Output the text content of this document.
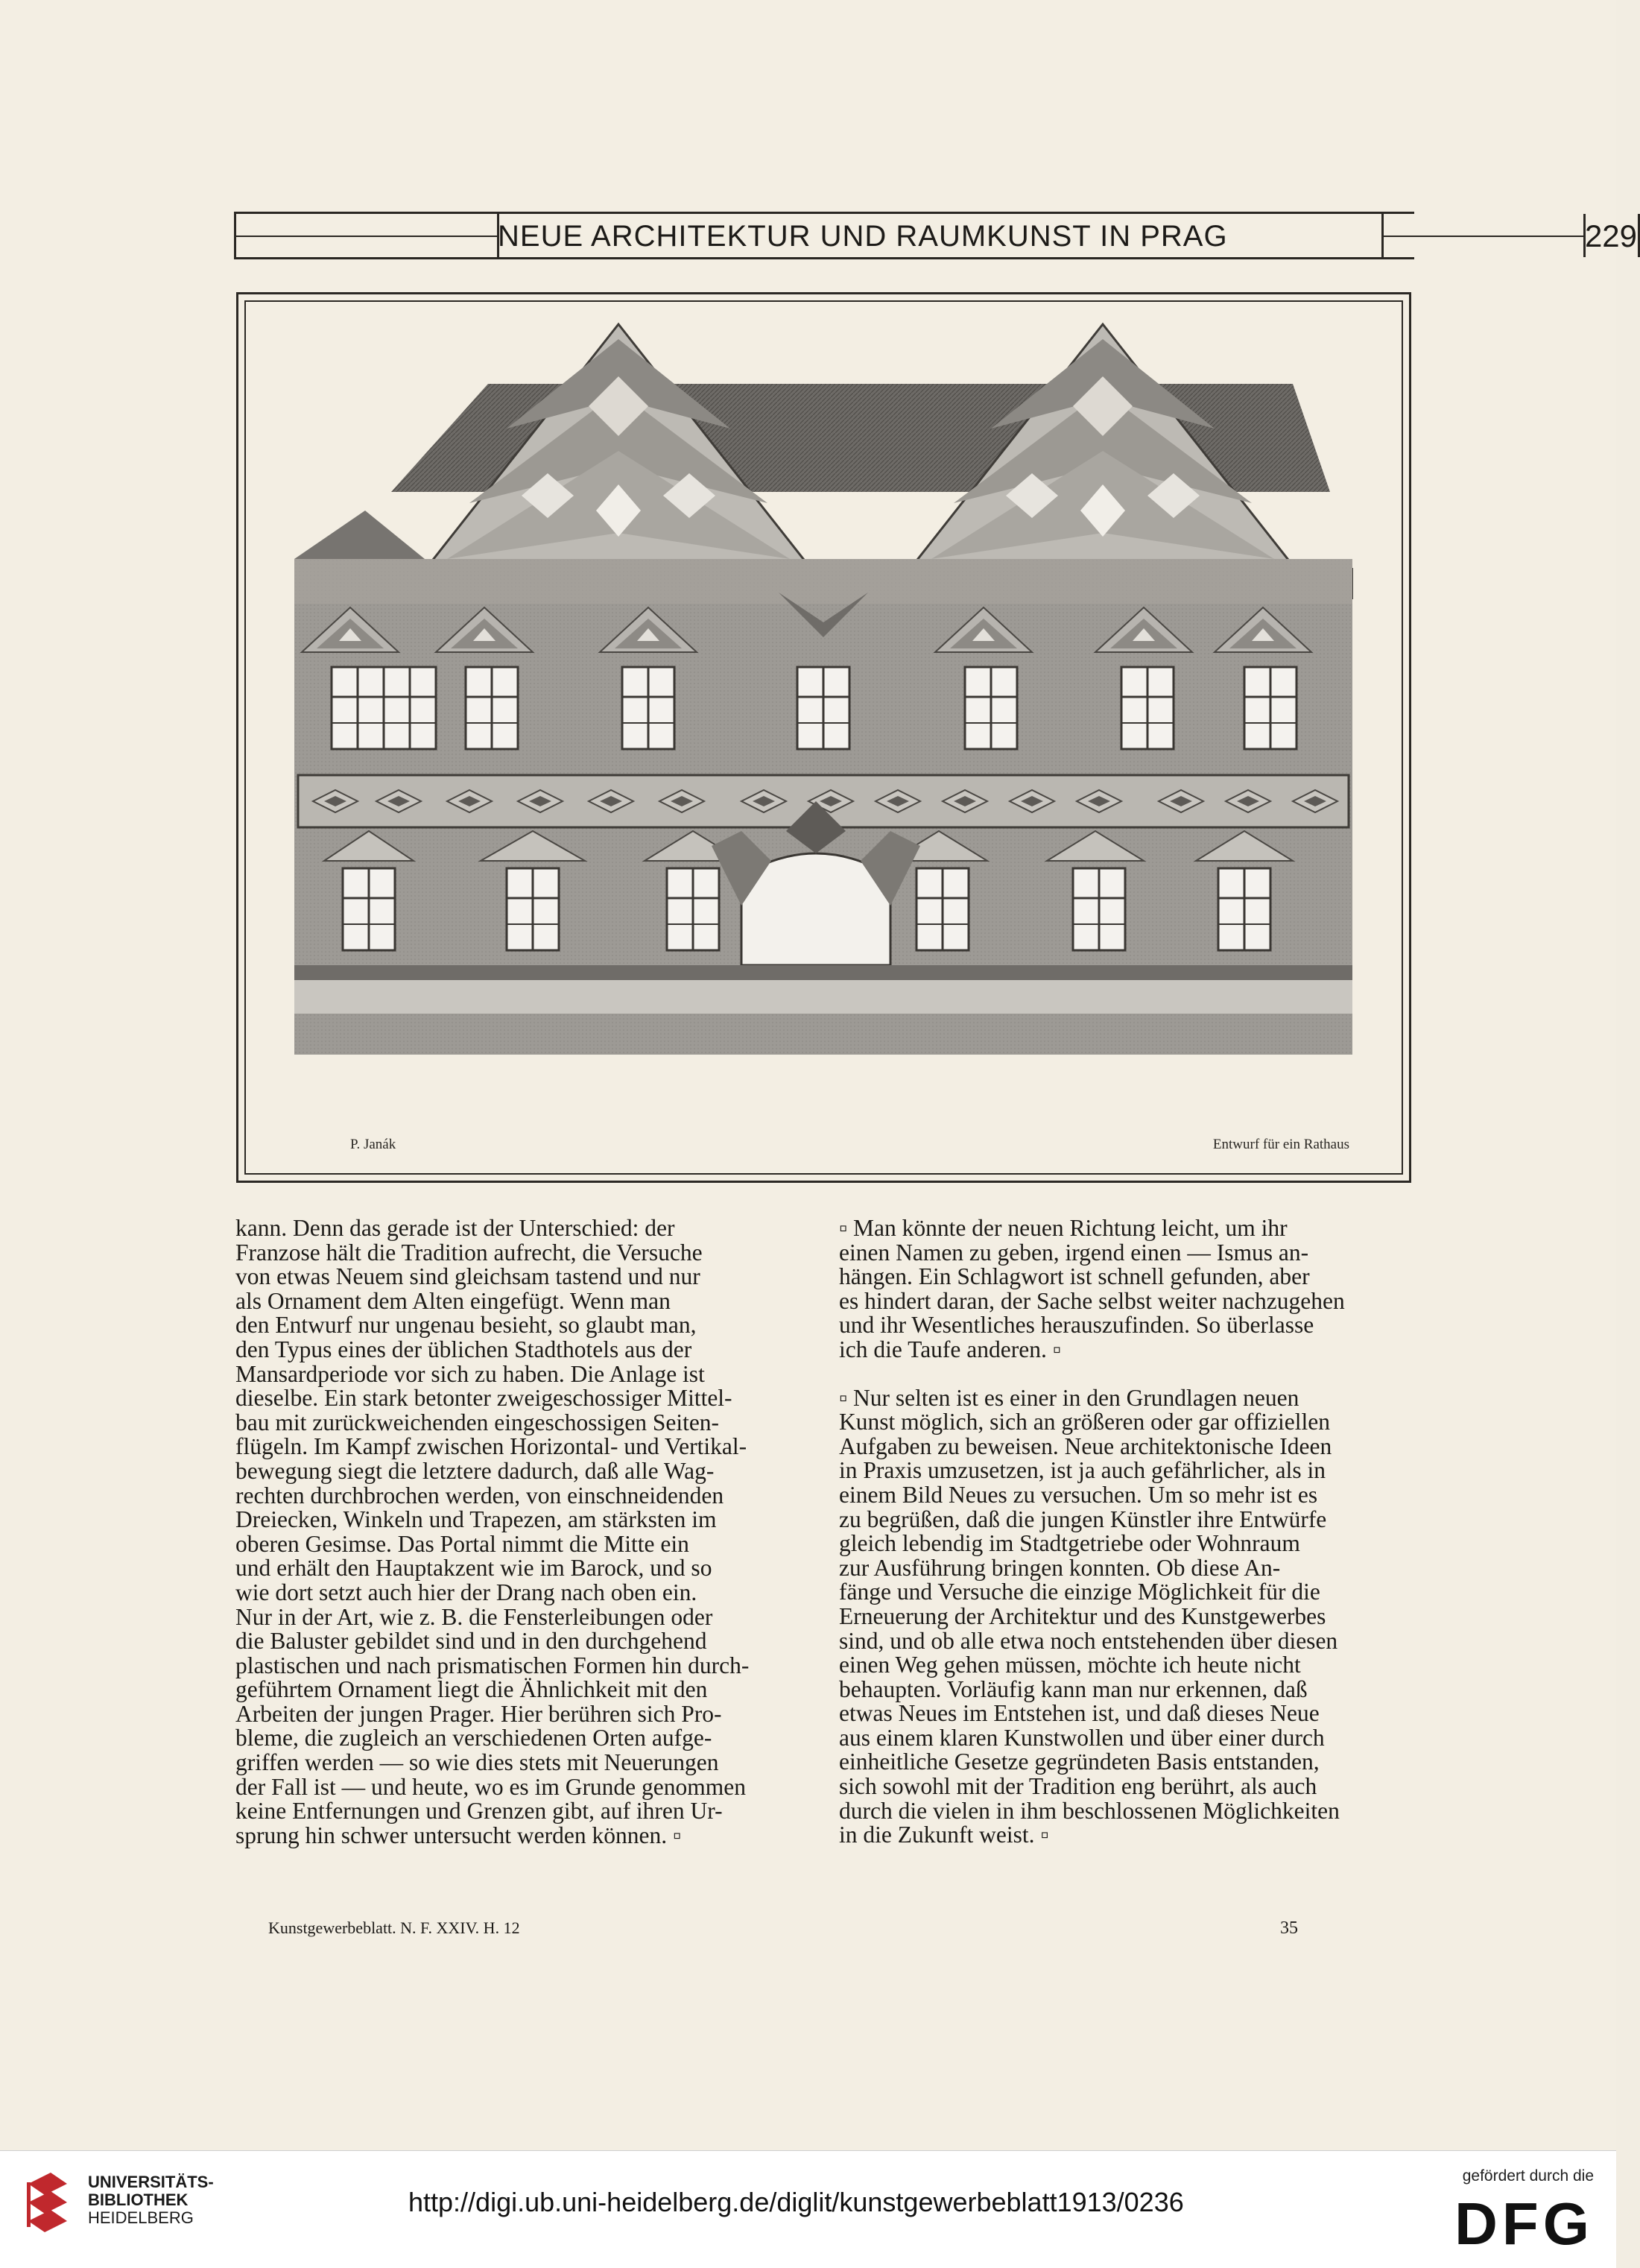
NEUE ARCHITEKTUR UND RAUMKUNST IN PRAG	229
P. Janák	Entwurf für ein Rathaus

kann. Denn das gerade ist der Unterschied: der
Franzose hält die Tradition aufrecht, die Versuche
von etwas Neuem sind gleichsam tastend und nur
als Ornament dem Alten eingefügt. Wenn man
den Entwurf nur ungenau besieht, so glaubt man,
den Typus eines der üblichen Stadthotels aus der
Mansardperiode vor sich zu haben. Die Anlage ist
dieselbe. Ein stark betonter zweigeschossiger Mittel-
bau mit zurückweichenden eingeschossigen Seiten-
flügeln. Im Kampf zwischen Horizontal- und Vertikal-
bewegung siegt die letztere dadurch, daß alle Wag-
rechten durchbrochen werden, von einschneidenden
Dreiecken, Winkeln und Trapezen, am stärksten im
oberen Gesimse. Das Portal nimmt die Mitte ein
und erhält den Hauptakzent wie im Barock, und so
wie dort setzt auch hier der Drang nach oben ein.
Nur in der Art, wie z. B. die Fensterleibungen oder
die Baluster gebildet sind und in den durchgehend
plastischen und nach prismatischen Formen hin durch-
geführtem Ornament liegt die Ähnlichkeit mit den
Arbeiten der jungen Prager. Hier berühren sich Pro-
bleme, die zugleich an verschiedenen Orten aufge-
griffen werden — so wie dies stets mit Neuerungen
der Fall ist — und heute, wo es im Grunde genommen
keine Entfernungen und Grenzen gibt, auf ihren Ur-
sprung hin schwer untersucht werden können. ▫

▫ Man könnte der neuen Richtung leicht, um ihr
einen Namen zu geben, irgend einen — Ismus an-
hängen. Ein Schlagwort ist schnell gefunden, aber
es hindert daran, der Sache selbst weiter nachzugehen
und ihr Wesentliches herauszufinden. So überlasse
ich die Taufe anderen. ▫

▫ Nur selten ist es einer in den Grundlagen neuen
Kunst möglich, sich an größeren oder gar offiziellen
Aufgaben zu beweisen. Neue architektonische Ideen
in Praxis umzusetzen, ist ja auch gefährlicher, als in
einem Bild Neues zu versuchen. Um so mehr ist es
zu begrüßen, daß die jungen Künstler ihre Entwürfe
gleich lebendig im Stadtgetriebe oder Wohnraum
zur Ausführung bringen konnten. Ob diese An-
fänge und Versuche die einzige Möglichkeit für die
Erneuerung der Architektur und des Kunstgewerbes
sind, und ob alle etwa noch entstehenden über diesen
einen Weg gehen müssen, möchte ich heute nicht
behaupten. Vorläufig kann man nur erkennen, daß
etwas Neues im Entstehen ist, und daß dieses Neue
aus einem klaren Kunstwollen und über einer durch
einheitliche Gesetze gegründeten Basis entstanden,
sich sowohl mit der Tradition eng berührt, als auch
durch die vielen in ihm beschlossenen Möglichkeiten
in die Zukunft weist. ▫

Kunstgewerbeblatt. N. F. XXIV. H. 12	35
UNIVERSITÄTS-
BIBLIOTHEK
HEIDELBERG
http://digi.ub.uni-heidelberg.de/diglit/kunstgewerbeblatt1913/0236
gefördert durch die
DFG
